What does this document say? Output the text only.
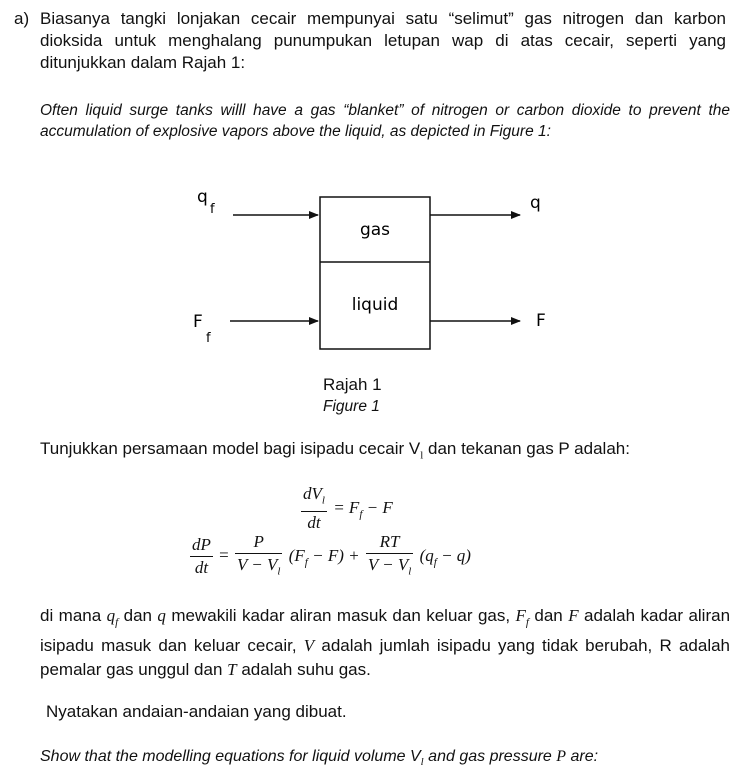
a) Biasanya tangki lonjakan cecair mempunyai satu “selimut” gas nitrogen dan karbon dioksida untuk menghalang punumpukan letupan wap di atas cecair, seperti yang ditunjukkan dalam Rajah 1:

Often liquid surge tanks willl have a gas “blanket” of nitrogen or carbon dioxide to prevent the accumulation of explosive vapors above the liquid, as depicted in Figure 1:

gas
liquid
q
f	q
F
f
F
Rajah 1
Figure 1

Tunjukkan persamaan model bagi isipadu cecair $V_l$ dan tekanan gas P adalah:

$\frac{dV_l}{dt} = F_f - F$
$\frac{dP}{dt} = \frac{P}{V - V_l} (F_f - F) + \frac{RT}{V - V_l} (q_f - q)$

di mana $q_f$ dan q mewakili kadar aliran masuk dan keluar gas, $F_f$ dan F adalah kadar aliran isipadu masuk dan keluar cecair, V adalah jumlah isipadu yang tidak berubah, R adalah pemalar gas unggul dan T adalah suhu gas.

Nyatakan andaian-andaian yang dibuat.

Show that the modelling equations for liquid volume $V_l$ and gas pressure P are:
